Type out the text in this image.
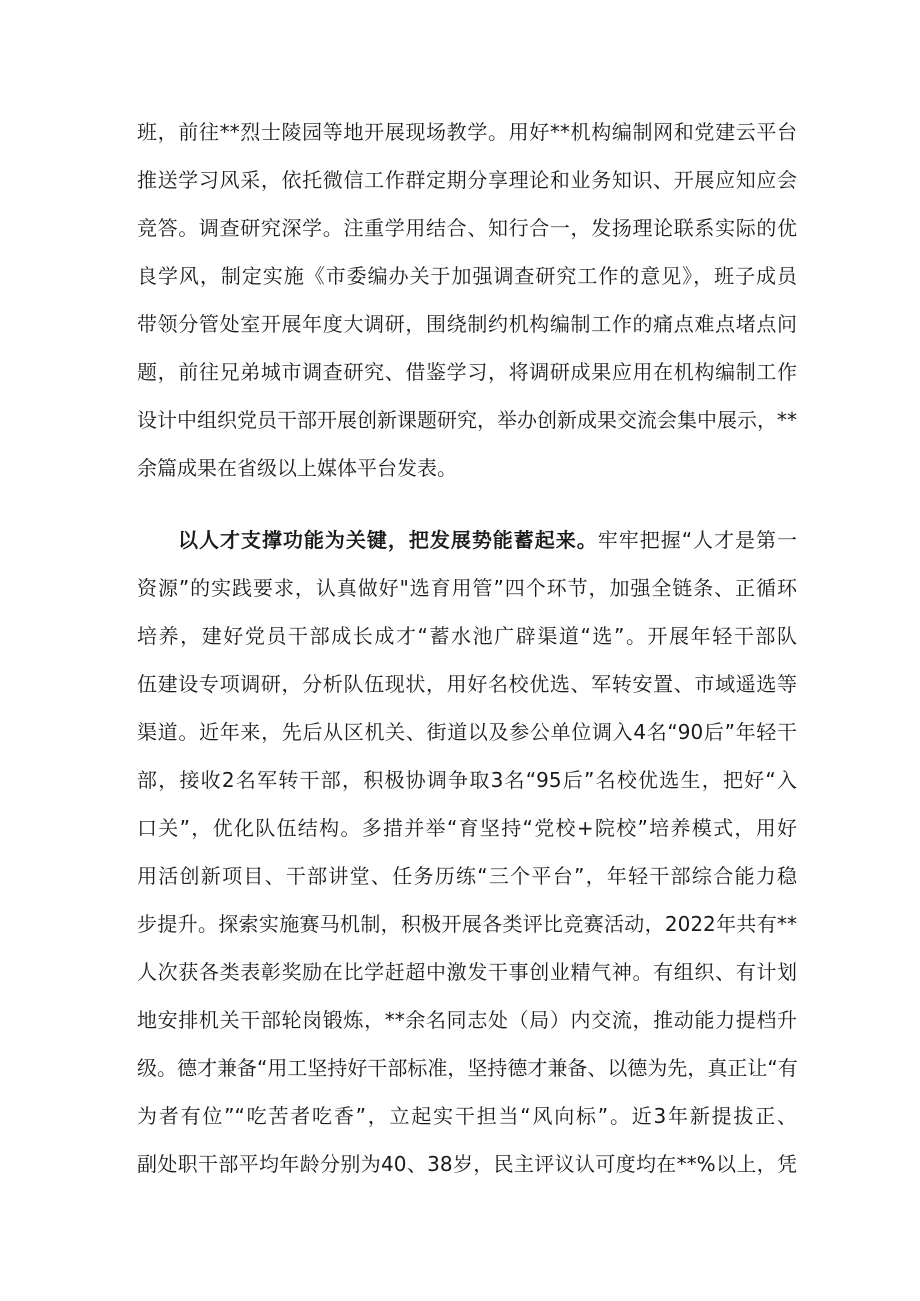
班，前往**烈士陵园等地开展现场教学。用好**机构编制网和党建云平台
推送学习风采，依托微信工作群定期分享理论和业务知识、开展应知应会
竞答。调查研究深学。注重学用结合、知行合一，发扬理论联系实际的优
良学风，制定实施《市委编办关于加强调查研究工作的意见》，班子成员
带领分管处室开展年度大调研，围绕制约机构编制工作的痛点难点堵点问
题，前往兄弟城市调查研究、借鉴学习，将调研成果应用在机构编制工作
设计中组织党员干部开展创新课题研究，举办创新成果交流会集中展示，**
余篇成果在省级以上媒体平台发表。
以人才支撑功能为关键，把发展势能蓄起来。牢牢把握“人才是第一
资源”的实践要求，认真做好"选育用管”四个环节，加强全链条、正循环
培养，建好党员干部成长成才“蓄水池广辟渠道“选”。开展年轻干部队
伍建设专项调研，分析队伍现状，用好名校优选、军转安置、市域遥选等
渠道。近年来，先后从区机关、街道以及参公单位调入4名“90后”年轻干
部，接收2名军转干部，积极协调争取3名“95后”名校优选生，把好“入
口关”，优化队伍结构。多措并举“育坚持“党校+院校”培养模式，用好
用活创新项目、干部讲堂、任务历练“三个平台”，年轻干部综合能力稳
步提升。探索实施赛马机制，积极开展各类评比竞赛活动，2022年共有**
人次获各类表彰奖励在比学赶超中激发干事创业精气神。有组织、有计划
地安排机关干部轮岗锻炼，**余名同志处（局）内交流，推动能力提档升
级。德才兼备“用工坚持好干部标准，坚持德才兼备、以德为先，真正让“有
为者有位”“吃苦者吃香”，立起实干担当“风向标”。近3年新提拔正、
副处职干部平均年龄分别为40、38岁，民主评议认可度均在**%以上，凭
